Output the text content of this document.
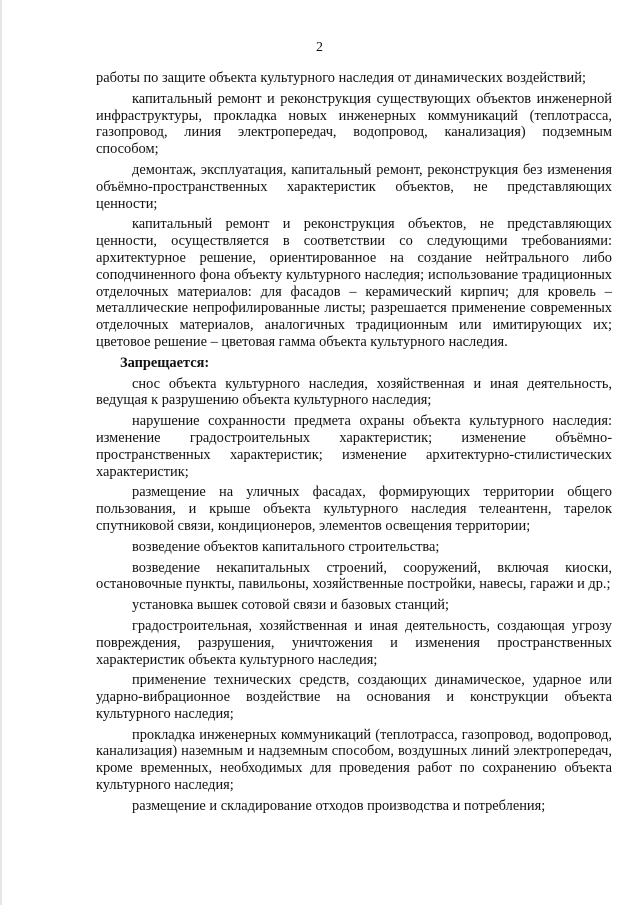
2

работы по защите объекта культурного наследия от динамических воздействий;

капитальный ремонт и реконструкция существующих объектов инженерной инфраструктуры, прокладка новых инженерных коммуникаций (теплотрасса, газопровод, линия электропередач, водопровод, канализация) подземным способом;

демонтаж, эксплуатация, капитальный ремонт, реконструкция без изменения объёмно-пространственных характеристик объектов, не представляющих ценности;

капитальный ремонт и реконструкция объектов, не представляющих ценности, осуществляется в соответствии со следующими требованиями: архитектурное решение, ориентированное на создание нейтрального либо соподчиненного фона объекту культурного наследия; использование традиционных отделочных материалов: для фасадов – керамический кирпич; для кровель – металлические непрофилированные листы; разрешается применение современных отделочных материалов, аналогичных традиционным или имитирующих их; цветовое решение – цветовая гамма объекта культурного наследия.

Запрещается:

снос объекта культурного наследия, хозяйственная и иная деятельность, ведущая к разрушению объекта культурного наследия;

нарушение сохранности предмета охраны объекта культурного наследия: изменение градостроительных характеристик; изменение объёмно-пространственных характеристик; изменение архитектурно-стилистических характеристик;

размещение на уличных фасадах, формирующих территории общего пользования, и крыше объекта культурного наследия телеантенн, тарелок спутниковой связи, кондиционеров, элементов освещения территории;

возведение объектов капитального строительства;

возведение некапитальных строений, сооружений, включая киоски, остановочные пункты, павильоны, хозяйственные постройки, навесы, гаражи и др.;

установка вышек сотовой связи и базовых станций;

градостроительная, хозяйственная и иная деятельность, создающая угрозу повреждения, разрушения, уничтожения и изменения пространственных характеристик объекта культурного наследия;

применение технических средств, создающих динамическое, ударное или ударно-вибрационное воздействие на основания и конструкции объекта культурного наследия;

прокладка инженерных коммуникаций (теплотрасса, газопровод, водопровод, канализация) наземным и надземным способом, воздушных линий электропередач, кроме временных, необходимых для проведения работ по сохранению объекта культурного наследия;

размещение и складирование отходов производства и потребления;
